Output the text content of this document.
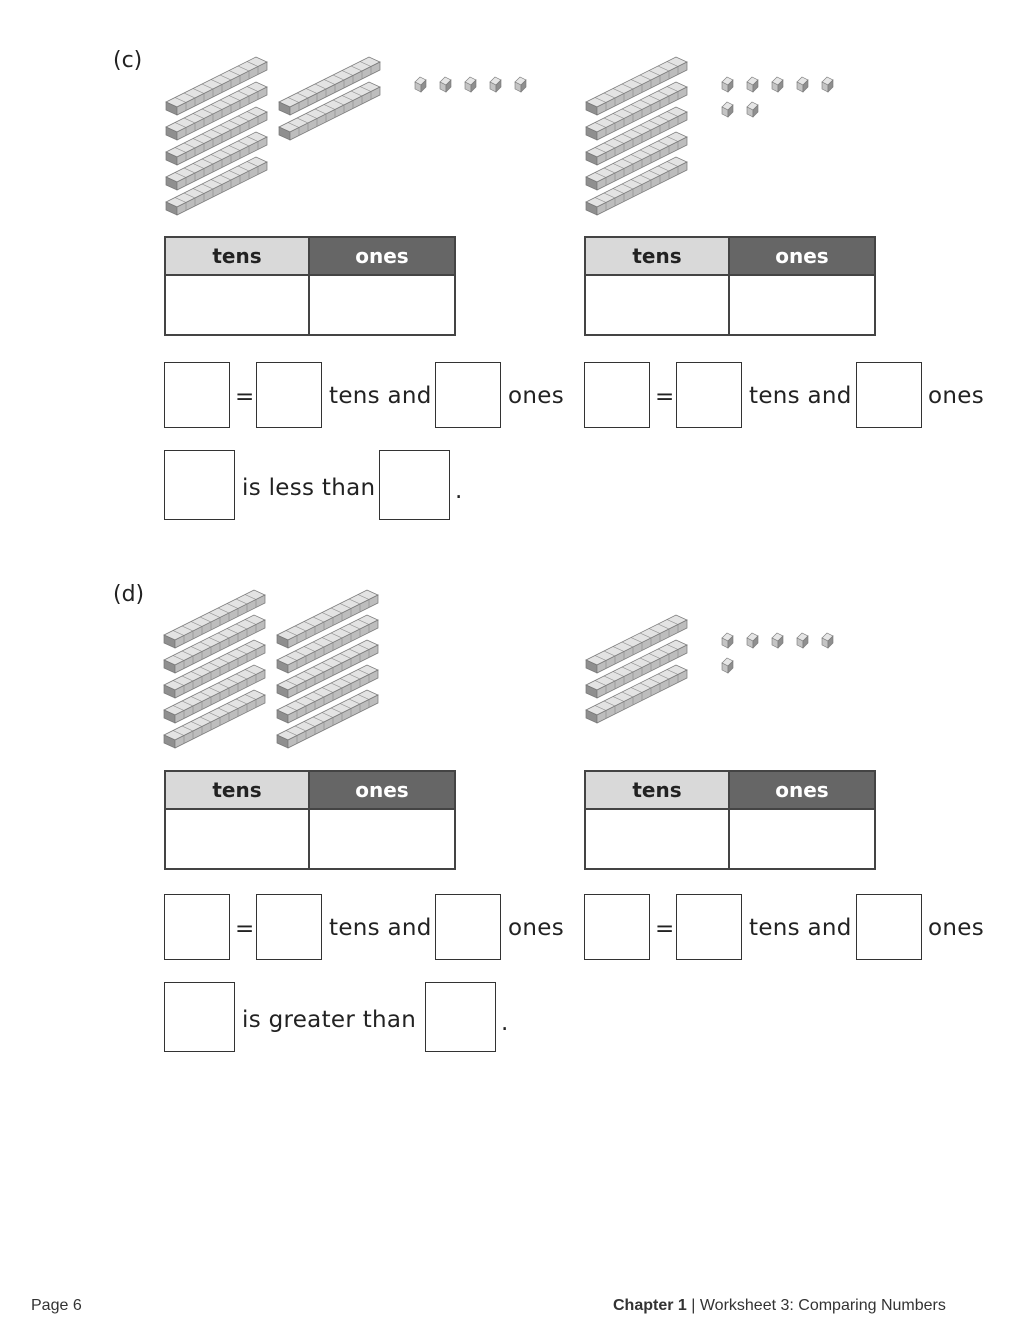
(c)
tens	ones	tens	ones
=	tens and	ones	=	tens and	ones
is less than	.
(d)
tens	ones	tens	ones
=	tens and	ones	=	tens and	ones
is greater than	.
Page 6	Chapter 1 | Worksheet 3: Comparing Numbers
